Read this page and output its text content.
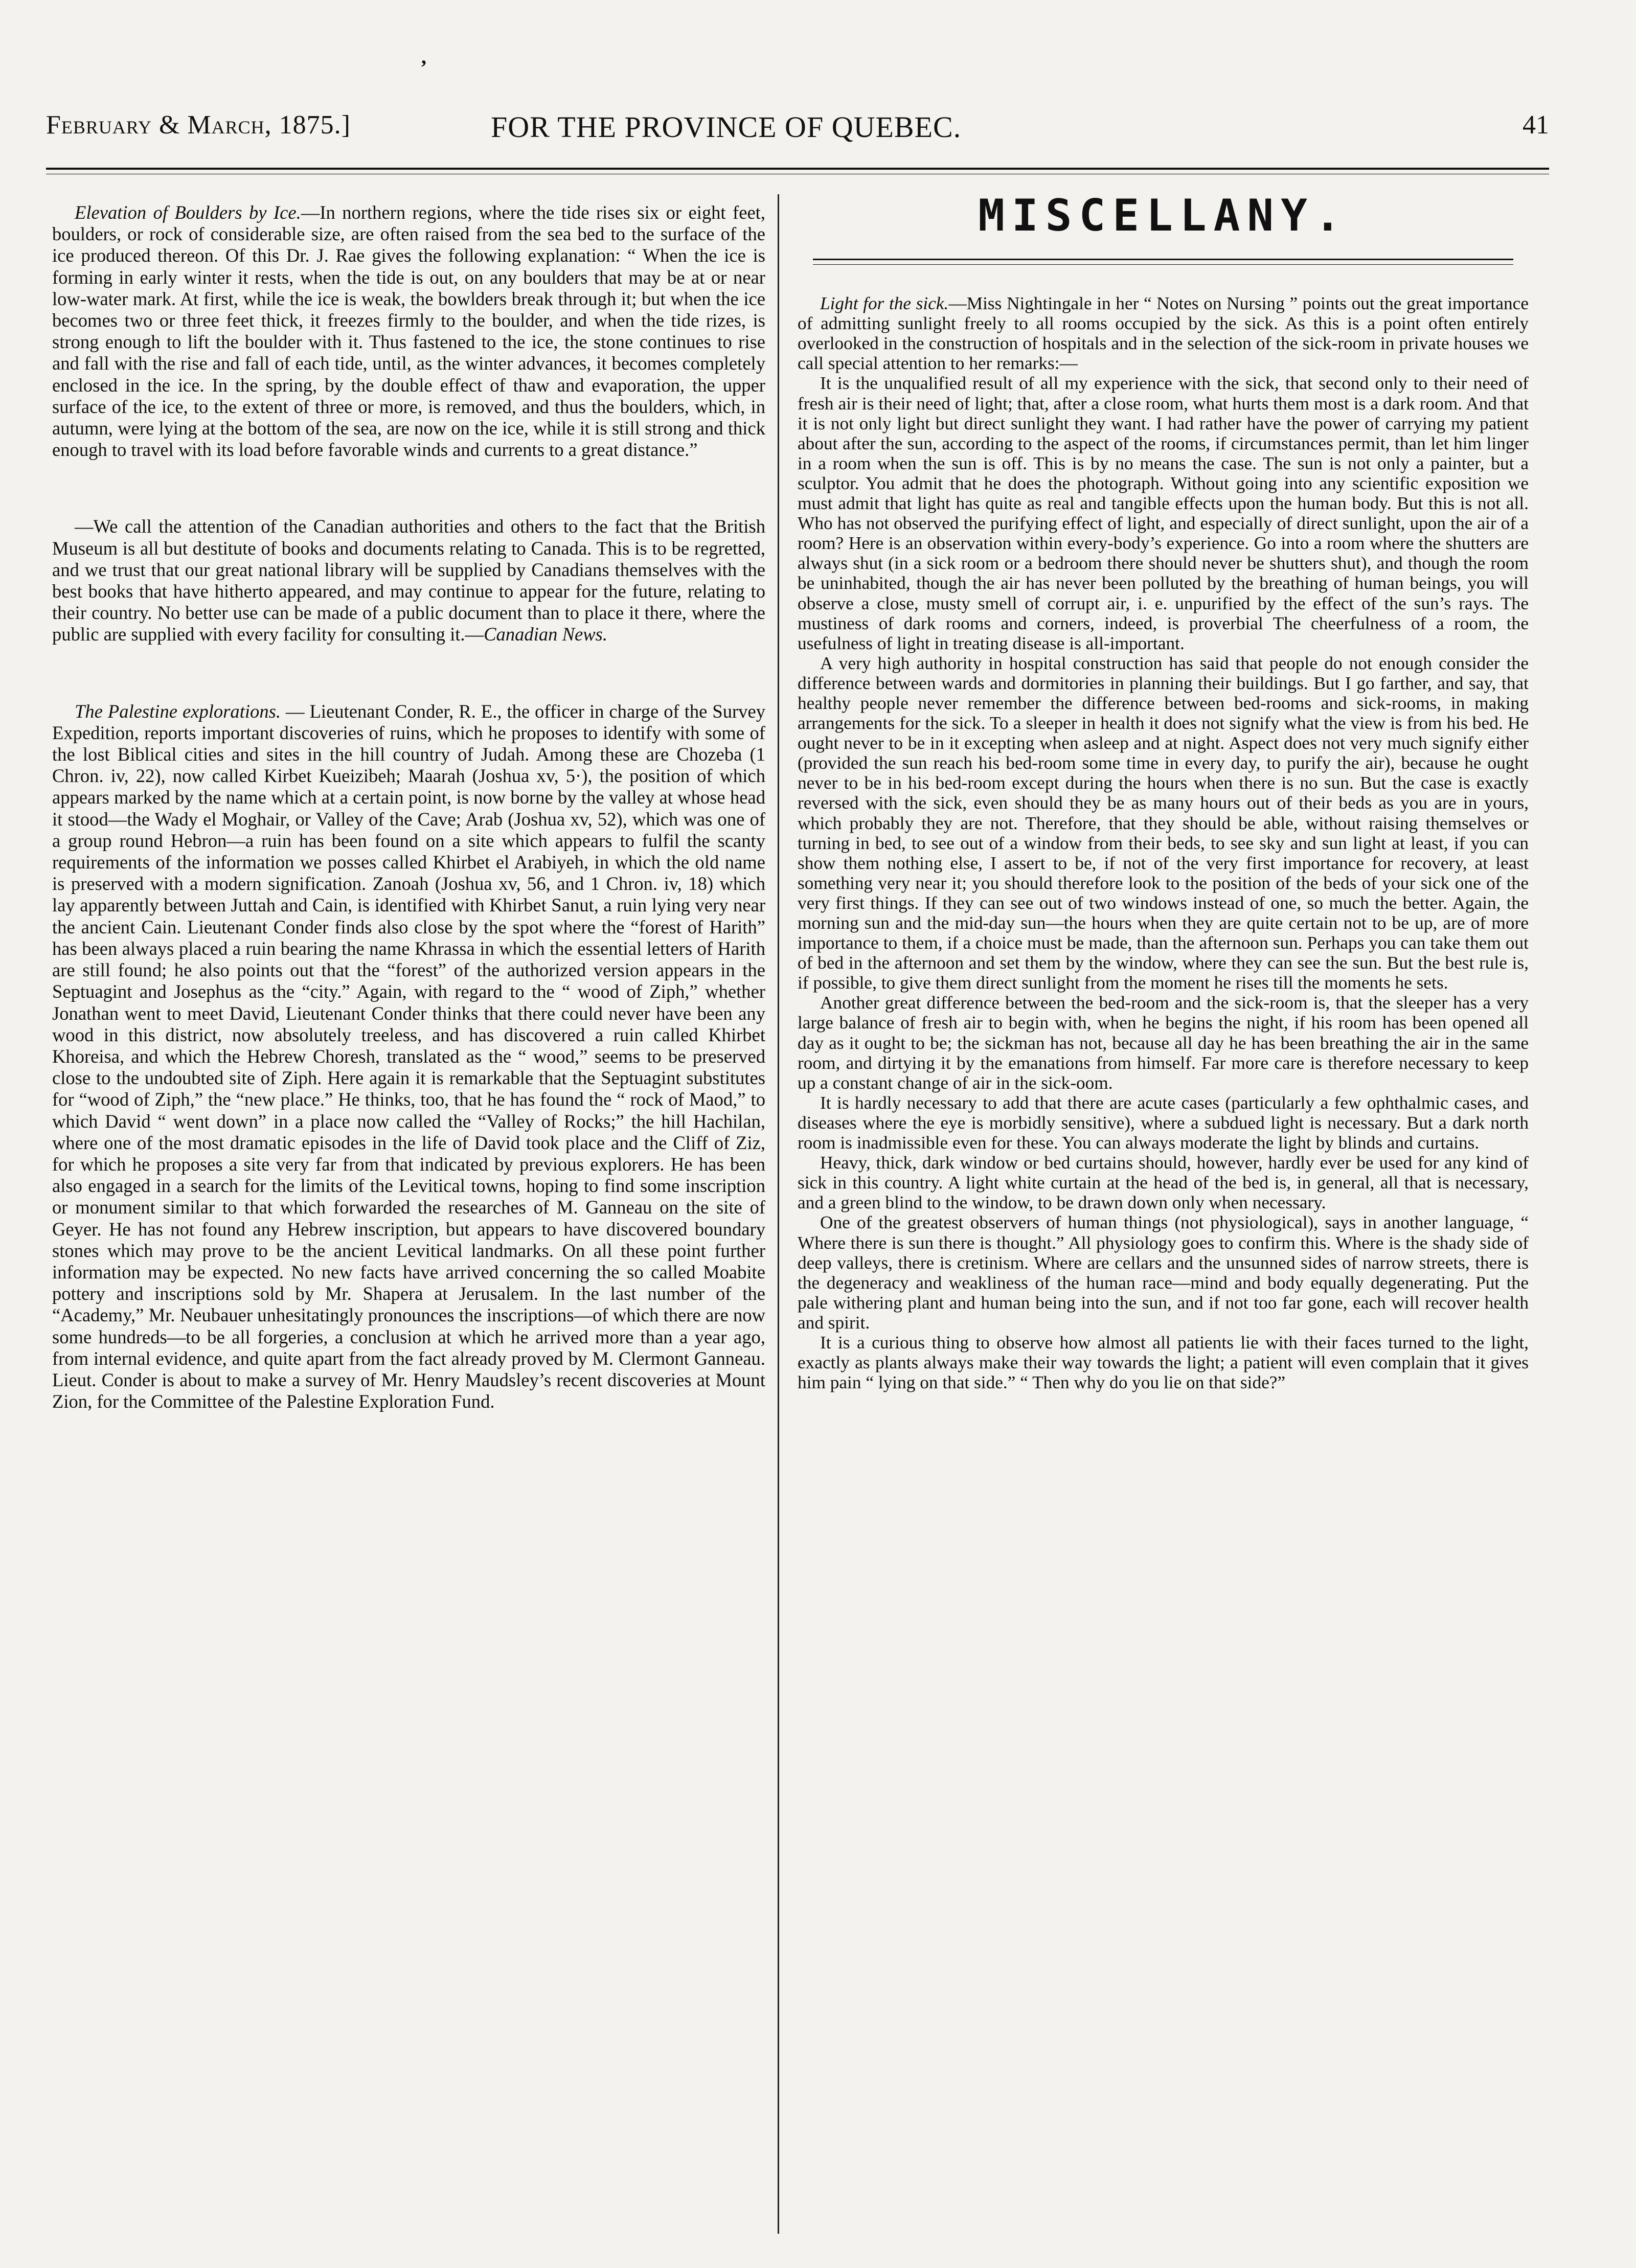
’
February & March, 1875.]	FOR THE PROVINCE OF QUEBEC.	41

Elevation of Boulders by Ice.—In northern regions, where the tide rises six or eight feet, boulders, or rock of considerable size, are often raised from the sea bed to the surface of the ice produced thereon. Of this Dr. J. Rae gives the following explanation: “ When the ice is forming in early winter it rests, when the tide is out, on any boulders that may be at or near low-water mark. At first, while the ice is weak, the bowlders break through it; but when the ice becomes two or three feet thick, it freezes firmly to the boulder, and when the tide rizes, is strong enough to lift the boulder with it. Thus fastened to the ice, the stone continues to rise and fall with the rise and fall of each tide, until, as the winter advances, it becomes completely enclosed in the ice. In the spring, by the double effect of thaw and evaporation, the upper surface of the ice, to the extent of three or more, is removed, and thus the boulders, which, in autumn, were lying at the bottom of the sea, are now on the ice, while it is still strong and thick enough to travel with its load before favorable winds and currents to a great distance.”

—We call the attention of the Canadian authorities and others to the fact that the British Museum is all but destitute of books and documents relating to Canada. This is to be regretted, and we trust that our great national library will be supplied by Canadians themselves with the best books that have hitherto appeared, and may continue to appear for the future, relating to their country. No better use can be made of a public document than to place it there, where the public are supplied with every facility for consulting it.—Canadian News.

The Palestine explorations. — Lieutenant Conder, R. E., the officer in charge of the Survey Expedition, reports important discoveries of ruins, which he proposes to identify with some of the lost Biblical cities and sites in the hill country of Judah. Among these are Chozeba (1 Chron. iv, 22), now called Kirbet Kueizibeh; Maarah (Joshua xv, 5·), the position of which appears marked by the name which at a certain point, is now borne by the valley at whose head it stood—the Wady el Moghair, or Valley of the Cave; Arab (Joshua xv, 52), which was one of a group round Hebron—a ruin has been found on a site which appears to fulfil the scanty requirements of the information we posses called Khirbet el Arabiyeh, in which the old name is preserved with a modern signification. Zanoah (Joshua xv, 56, and 1 Chron. iv, 18) which lay apparently between Juttah and Cain, is identified with Khirbet Sanut, a ruin lying very near the ancient Cain. Lieutenant Conder finds also close by the spot where the “forest of Harith” has been always placed a ruin bearing the name Khrassa in which the essential letters of Harith are still found; he also points out that the “forest” of the authorized version appears in the Septuagint and Josephus as the “city.” Again, with regard to the “ wood of Ziph,” whether Jonathan went to meet David, Lieutenant Conder thinks that there could never have been any wood in this district, now absolutely treeless, and has discovered a ruin called Khirbet Khoreisa, and which the Hebrew Choresh, translated as the “ wood,” seems to be preserved close to the undoubted site of Ziph. Here again it is remarkable that the Septuagint substitutes for “wood of Ziph,” the “new place.” He thinks, too, that he has found the “ rock of Maod,” to which David “ went down” in a place now called the “Valley of Rocks;” the hill Hachilan, where one of the most dramatic episodes in the life of David took place and the Cliff of Ziz, for which he proposes a site very far from that indicated by previous explorers. He has been also engaged in a search for the limits of the Levitical towns, hoping to find some inscription or monument similar to that which forwarded the researches of M. Ganneau on the site of Geyer. He has not found any Hebrew inscription, but appears to have discovered boundary stones which may prove to be the ancient Levitical landmarks. On all these point further information may be expected. No new facts have arrived concerning the so called Moabite pottery and inscriptions sold by Mr. Shapera at Jerusalem. In the last number of the “Academy,” Mr. Neubauer unhesitatingly pronounces the inscriptions—of which there are now some hundreds—to be all forgeries, a conclusion at which he arrived more than a year ago, from internal evidence, and quite apart from the fact already proved by M. Clermont Ganneau. Lieut. Conder is about to make a survey of Mr. Henry Maudsley’s recent discoveries at Mount Zion, for the Committee of the Palestine Exploration Fund.

MISCELLANY.

Light for the sick.—Miss Nightingale in her “ Notes on Nursing ” points out the great importance of admitting sunlight freely to all rooms occupied by the sick. As this is a point often entirely overlooked in the construction of hospitals and in the selection of the sick-room in private houses we call special attention to her remarks:—

It is the unqualified result of all my experience with the sick, that second only to their need of fresh air is their need of light; that, after a close room, what hurts them most is a dark room. And that it is not only light but direct sunlight they want. I had rather have the power of carrying my patient about after the sun, according to the aspect of the rooms, if circumstances permit, than let him linger in a room when the sun is off. This is by no means the case. The sun is not only a painter, but a sculptor. You admit that he does the photograph. Without going into any scientific exposition we must admit that light has quite as real and tangible effects upon the human body. But this is not all. Who has not observed the purifying effect of light, and especially of direct sunlight, upon the air of a room? Here is an observation within every-body’s experience. Go into a room where the shutters are always shut (in a sick room or a bedroom there should never be shutters shut), and though the room be uninhabited, though the air has never been polluted by the breathing of human beings, you will observe a close, musty smell of corrupt air, i. e. unpurified by the effect of the sun’s rays. The mustiness of dark rooms and corners, indeed, is proverbial The cheerfulness of a room, the usefulness of light in treating disease is all-important.

A very high authority in hospital construction has said that people do not enough consider the difference between wards and dormitories in planning their buildings. But I go farther, and say, that healthy people never remember the difference between bed-rooms and sick-rooms, in making arrangements for the sick. To a sleeper in health it does not signify what the view is from his bed. He ought never to be in it excepting when asleep and at night. Aspect does not very much signify either (provided the sun reach his bed-room some time in every day, to purify the air), because he ought never to be in his bed-room except during the hours when there is no sun. But the case is exactly reversed with the sick, even should they be as many hours out of their beds as you are in yours, which probably they are not. Therefore, that they should be able, without raising themselves or turning in bed, to see out of a window from their beds, to see sky and sun light at least, if you can show them nothing else, I assert to be, if not of the very first importance for recovery, at least something very near it; you should therefore look to the position of the beds of your sick one of the very first things. If they can see out of two windows instead of one, so much the better. Again, the morning sun and the mid-day sun—the hours when they are quite certain not to be up, are of more importance to them, if a choice must be made, than the afternoon sun. Perhaps you can take them out of bed in the afternoon and set them by the window, where they can see the sun. But the best rule is, if possible, to give them direct sunlight from the moment he rises till the moments he sets.

Another great difference between the bed-room and the sick-room is, that the sleeper has a very large balance of fresh air to begin with, when he begins the night, if his room has been opened all day as it ought to be; the sickman has not, because all day he has been breathing the air in the same room, and dirtying it by the emanations from himself. Far more care is therefore necessary to keep up a constant change of air in the sick-oom.

It is hardly necessary to add that there are acute cases (particularly a few ophthalmic cases, and diseases where the eye is morbidly sensitive), where a subdued light is necessary. But a dark north room is inadmissible even for these. You can always moderate the light by blinds and curtains.

Heavy, thick, dark window or bed curtains should, however, hardly ever be used for any kind of sick in this country. A light white curtain at the head of the bed is, in general, all that is necessary, and a green blind to the window, to be drawn down only when necessary.

One of the greatest observers of human things (not physiological), says in another language, “ Where there is sun there is thought.” All physiology goes to confirm this. Where is the shady side of deep valleys, there is cretinism. Where are cellars and the unsunned sides of narrow streets, there is the degeneracy and weakliness of the human race—mind and body equally degenerating. Put the pale withering plant and human being into the sun, and if not too far gone, each will recover health and spirit.

It is a curious thing to observe how almost all patients lie with their faces turned to the light, exactly as plants always make their way towards the light; a patient will even complain that it gives him pain “ lying on that side.” “ Then why do you lie on that side?”
